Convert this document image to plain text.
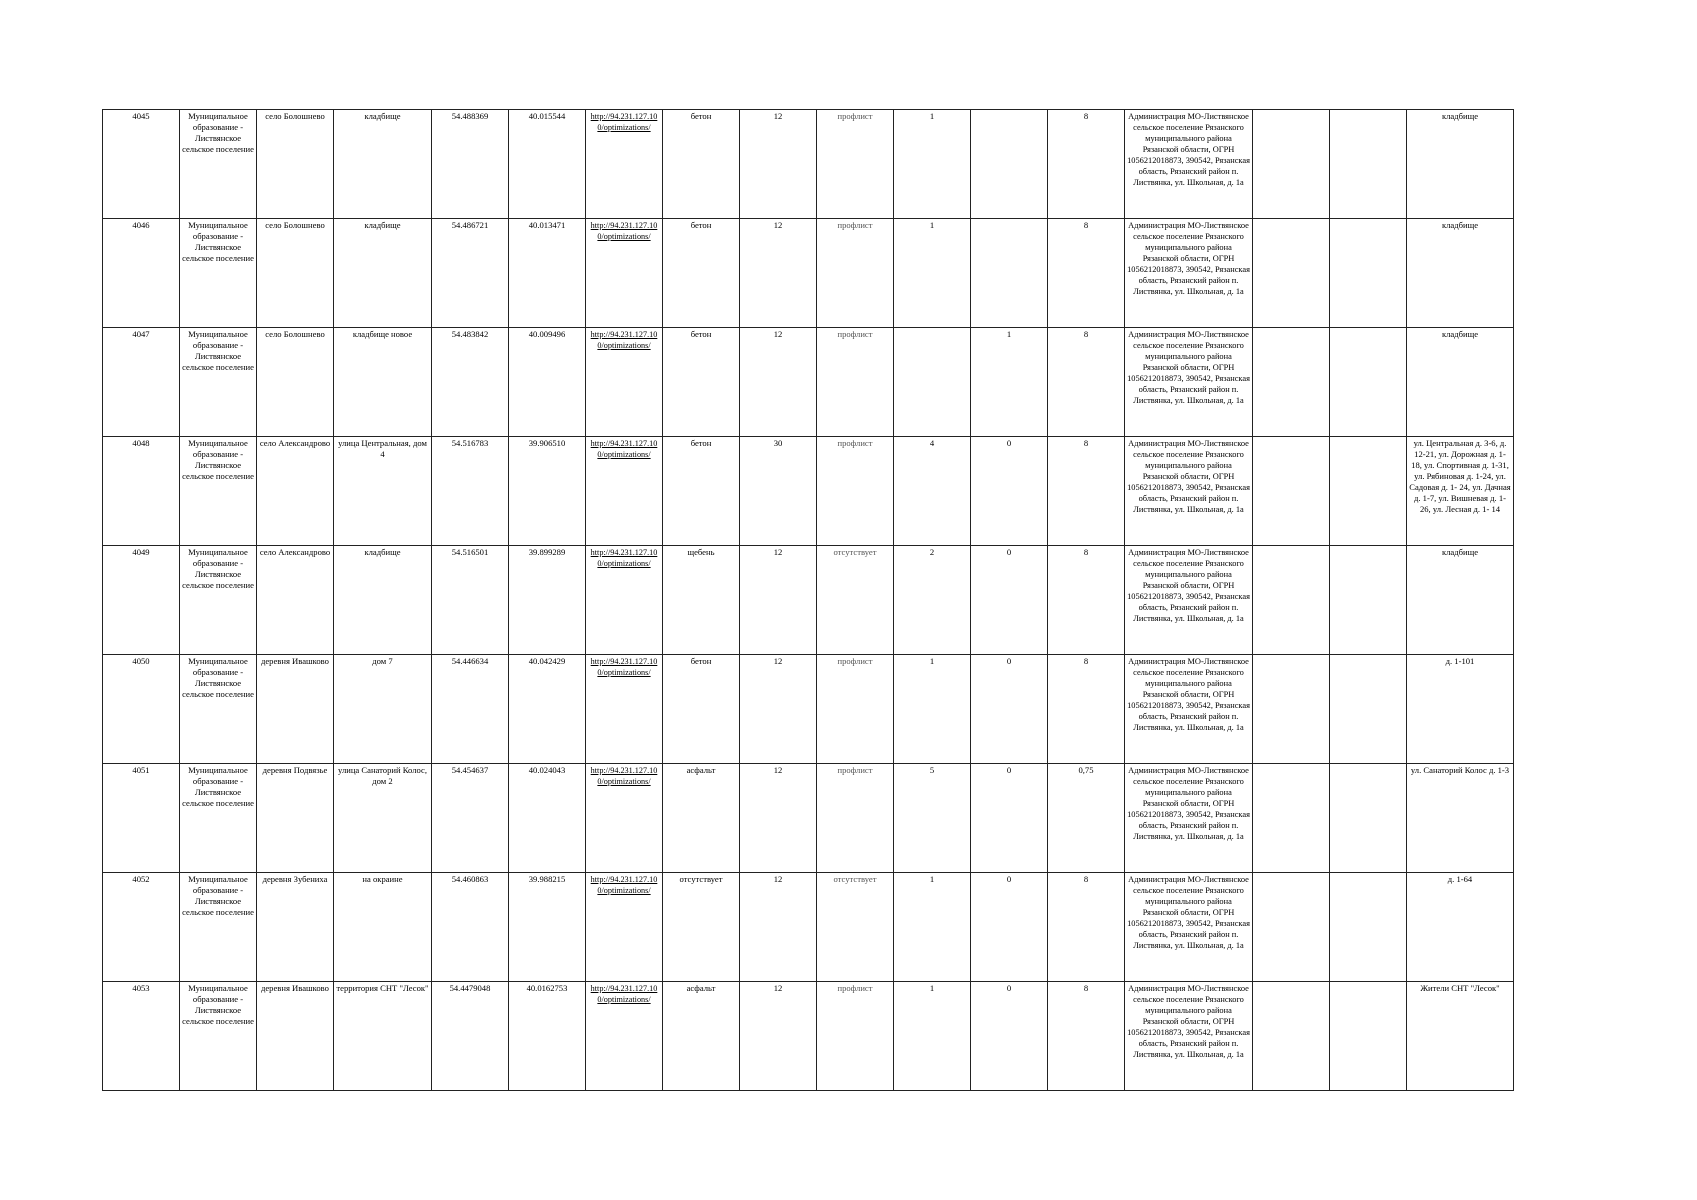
4045	Муниципальное образование - Листвянское сельское поселение	село Болошнево	кладбище	54.488369	40.015544	http://94.231.127.10 0/optimizations/	бетон	12	профлист	1		8	Администрация МО-Листвянское сельское поселение Рязанского муниципального района Рязанской области, ОГРН 1056212018873, 390542, Рязанская область, Рязанский район п. Листвянка, ул. Школьная, д. 1а			кладбище
4046	Муниципальное образование - Листвянское сельское поселение	село Болошнево	кладбище	54.486721	40.013471	http://94.231.127.10 0/optimizations/	бетон	12	профлист	1		8	Администрация МО-Листвянское сельское поселение Рязанского муниципального района Рязанской области, ОГРН 1056212018873, 390542, Рязанская область, Рязанский район п. Листвянка, ул. Школьная, д. 1а			кладбище
4047	Муниципальное образование - Листвянское сельское поселение	село Болошнево	кладбище новое	54.483842	40.009496	http://94.231.127.10 0/optimizations/	бетон	12	профлист		1	8	Администрация МО-Листвянское сельское поселение Рязанского муниципального района Рязанской области, ОГРН 1056212018873, 390542, Рязанская область, Рязанский район п. Листвянка, ул. Школьная, д. 1а			кладбище
4048	Муниципальное образование - Листвянское сельское поселение	село Александрово	улица Центральная, дом 4	54.516783	39.906510	http://94.231.127.10 0/optimizations/	бетон	30	профлист	4	0	8	Администрация МО-Листвянское сельское поселение Рязанского муниципального района Рязанской области, ОГРН 1056212018873, 390542, Рязанская область, Рязанский район п. Листвянка, ул. Школьная, д. 1а			ул. Центральная д. 3-6, д. 12-21, ул. Дорожная д. 1-18, ул. Спортивная д. 1-31, ул. Рябиновая д. 1-24, ул. Садовая д. 1- 24, ул. Дачная д. 1-7, ул. Вишневая д. 1-26, ул. Лесная д. 1- 14
4049	Муниципальное образование - Листвянское сельское поселение	село Александрово	кладбище	54.516501	39.899289	http://94.231.127.10 0/optimizations/	щебень	12	отсутствует	2	0	8	Администрация МО-Листвянское сельское поселение Рязанского муниципального района Рязанской области, ОГРН 1056212018873, 390542, Рязанская область, Рязанский район п. Листвянка, ул. Школьная, д. 1а			кладбище
4050	Муниципальное образование - Листвянское сельское поселение	деревня Ивашково	дом 7	54.446634	40.042429	http://94.231.127.10 0/optimizations/	бетон	12	профлист	1	0	8	Администрация МО-Листвянское сельское поселение Рязанского муниципального района Рязанской области, ОГРН 1056212018873, 390542, Рязанская область, Рязанский район п. Листвянка, ул. Школьная, д. 1а			д. 1-101
4051	Муниципальное образование - Листвянское сельское поселение	деревня Подвязье	улица Санаторий Колос, дом 2	54.454637	40.024043	http://94.231.127.10 0/optimizations/	асфальт	12	профлист	5	0	0,75	Администрация МО-Листвянское сельское поселение Рязанского муниципального района Рязанской области, ОГРН 1056212018873, 390542, Рязанская область, Рязанский район п. Листвянка, ул. Школьная, д. 1а			ул. Санаторий Колос д. 1-3
4052	Муниципальное образование - Листвянское сельское поселение	деревня Зубениха	на окраине	54.460863	39.988215	http://94.231.127.10 0/optimizations/	отсутствует	12	отсутствует	1	0	8	Администрация МО-Листвянское сельское поселение Рязанского муниципального района Рязанской области, ОГРН 1056212018873, 390542, Рязанская область, Рязанский район п. Листвянка, ул. Школьная, д. 1а			д. 1-64
4053	Муниципальное образование - Листвянское сельское поселение	деревня Ивашково	территория СНТ "Лесок"	54.4479048	40.0162753	http://94.231.127.10 0/optimizations/	асфальт	12	профлист	1	0	8	Администрация МО-Листвянское сельское поселение Рязанского муниципального района Рязанской области, ОГРН 1056212018873, 390542, Рязанская область, Рязанский район п. Листвянка, ул. Школьная, д. 1а			Жители СНТ "Лесок"
